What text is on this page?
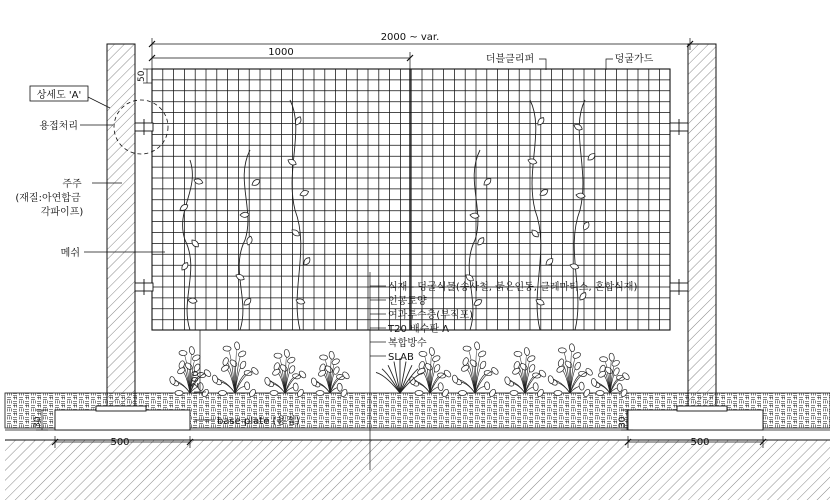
2000 ~ var.
1000
50
200
30	30
500	500
상세도 'A'
용접처리
주주
(재질:아연합금
각파이프)
메쉬
더블클리퍼	덩굴가드
base plate (용접)
식재 - 덩굴식물(송사철, 붉은인동, 클레마티스, 혼합식재)
인공토양
여과투수층(부직포)
T20 배수판 A
복합방수
SLAB
